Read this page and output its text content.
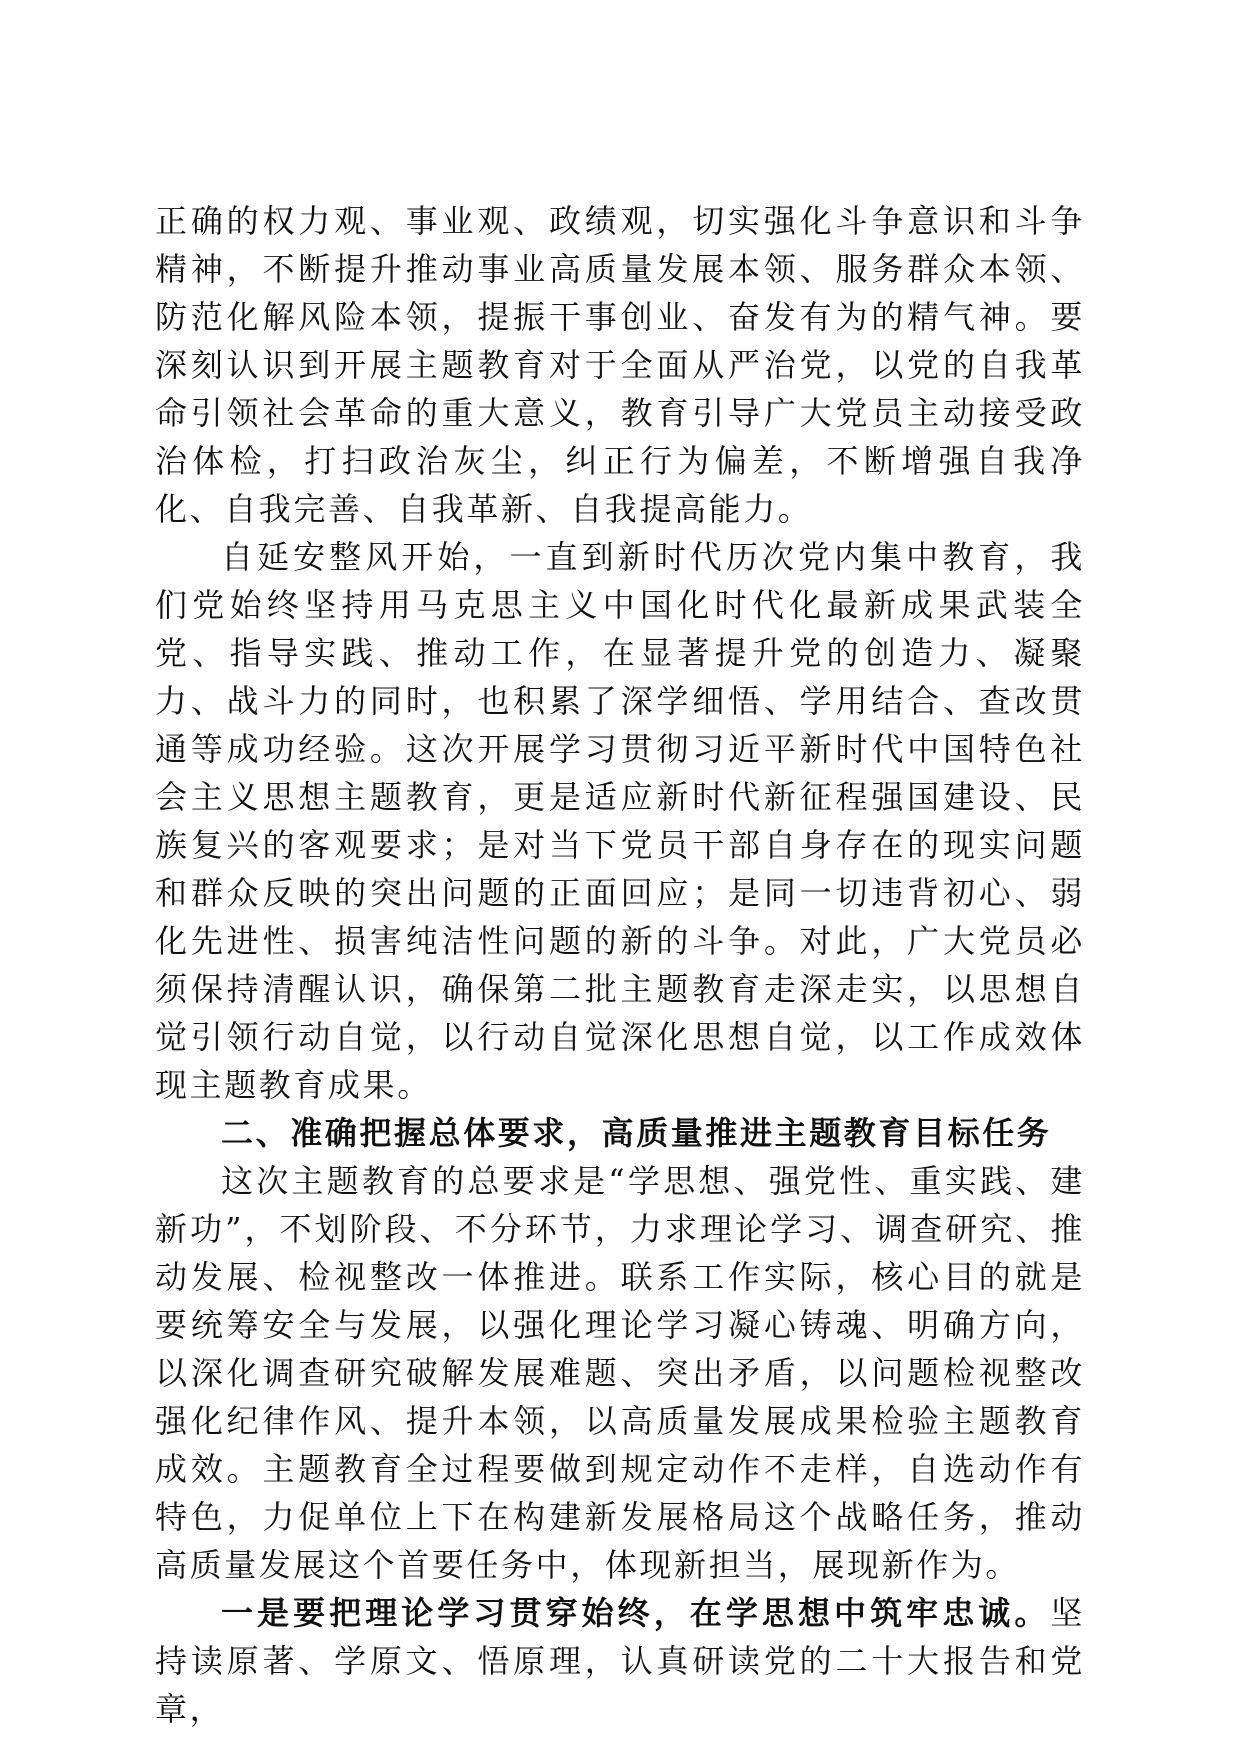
正确的权力观、事业观、政绩观，切实强化斗争意识和斗争精神，不断提升推动事业高质量发展本领、服务群众本领、防范化解风险本领，提振干事创业、奋发有为的精气神。要深刻认识到开展主题教育对于全面从严治党，以党的自我革命引领社会革命的重大意义，教育引导广大党员主动接受政治体检，打扫政治灰尘，纠正行为偏差，不断增强自我净化、自我完善、自我革新、自我提高能力。

自延安整风开始，一直到新时代历次党内集中教育，我们党始终坚持用马克思主义中国化时代化最新成果武装全党、指导实践、推动工作，在显著提升党的创造力、凝聚力、战斗力的同时，也积累了深学细悟、学用结合、查改贯通等成功经验。这次开展学习贯彻习近平新时代中国特色社会主义思想主题教育，更是适应新时代新征程强国建设、民族复兴的客观要求；是对当下党员干部自身存在的现实问题和群众反映的突出问题的正面回应；是同一切违背初心、弱化先进性、损害纯洁性问题的新的斗争。对此，广大党员必须保持清醒认识，确保第二批主题教育走深走实，以思想自觉引领行动自觉，以行动自觉深化思想自觉，以工作成效体现主题教育成果。

二、准确把握总体要求，高质量推进主题教育目标任务

这次主题教育的总要求是“学思想、强党性、重实践、建新功”，不划阶段、不分环节，力求理论学习、调查研究、推动发展、检视整改一体推进。联系工作实际，核心目的就是要统筹安全与发展，以强化理论学习凝心铸魂、明确方向，以深化调查研究破解发展难题、突出矛盾，以问题检视整改强化纪律作风、提升本领，以高质量发展成果检验主题教育成效。主题教育全过程要做到规定动作不走样，自选动作有特色，力促单位上下在构建新发展格局这个战略任务，推动高质量发展这个首要任务中，体现新担当，展现新作为。

一是要把理论学习贯穿始终，在学思想中筑牢忠诚。坚持读原著、学原文、悟原理，认真研读党的二十大报告和党章，
